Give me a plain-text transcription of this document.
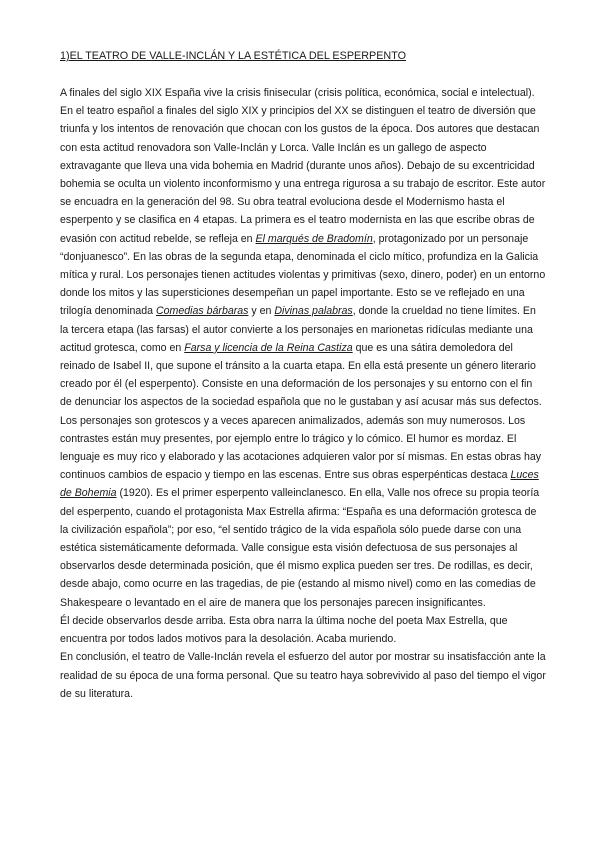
1)EL TEATRO DE VALLE-INCLÁN Y LA ESTÉTICA DEL ESPERPENTO

A finales del siglo XIX España vive la crisis finisecular (crisis política, económica, social e intelectual). En el teatro español a finales del siglo XIX y principios del XX se distinguen el teatro de diversión que triunfa y los intentos de renovación que chocan con los gustos de la época. Dos autores que destacan con esta actitud renovadora son Valle-Inclán y Lorca. Valle Inclán es un gallego de aspecto extravagante que lleva una vida bohemia en Madrid (durante unos años). Debajo de su excentricidad bohemia se oculta un violento inconformismo y una entrega rigurosa a su trabajo de escritor. Este autor se encuadra en la generación del 98. Su obra teatral evoluciona desde el Modernismo hasta el esperpento y se clasifica en 4 etapas. La primera es el teatro modernista en las que escribe obras de evasión con actitud rebelde, se refleja en El marqués de Bradomín, protagonizado por un personaje “donjuanesco”. En las obras de la segunda etapa, denominada el ciclo mítico, profundiza en la Galicia mítica y rural. Los personajes tienen actitudes violentas y primitivas (sexo, dinero, poder) en un entorno donde los mitos y las supersticiones desempeñan un papel importante. Esto se ve reflejado en una trilogía denominada Comedias bárbaras y en Divinas palabras, donde la crueldad no tiene límites. En la tercera etapa (las farsas) el autor convierte a los personajes en marionetas ridículas mediante una actitud grotesca, como en Farsa y licencia de la Reina Castiza que es una sátira demoledora del reinado de Isabel II, que supone el tránsito a la cuarta etapa. En ella está presente un género literario creado por él (el esperpento). Consiste en una deformación de los personajes y su entorno con el fin de denunciar los aspectos de la sociedad española que no le gustaban y así acusar más sus defectos. Los personajes son grotescos y a veces aparecen animalizados, además son muy numerosos. Los contrastes están muy presentes, por ejemplo entre lo trágico y lo cómico. El humor es mordaz. El lenguaje es muy rico y elaborado y las acotaciones adquieren valor por sí mismas. En estas obras hay continuos cambios de espacio y tiempo en las escenas. Entre sus obras esperpénticas destaca Luces de Bohemia (1920). Es el primer esperpento valleinclanesco. En ella, Valle nos ofrece su propia teoría del esperpento, cuando el protagonista Max Estrella afirma: “España es una deformación grotesca de la civilización española”; por eso, “el sentido trágico de la vida española sólo puede darse con una estética sistemáticamente deformada. Valle consigue esta visión defectuosa de sus personajes al observarlos desde determinada posición, que él mismo explica pueden ser tres. De rodillas, es decir, desde abajo, como ocurre en las tragedias, de pie (estando al mismo nivel) como en las comedias de Shakespeare o levantado en el aire de manera que los personajes parecen insignificantes.

Él decide observarlos desde arriba. Esta obra narra la última noche del poeta Max Estrella, que encuentra por todos lados motivos para la desolación. Acaba muriendo.

En conclusión, el teatro de Valle-Inclán revela el esfuerzo del autor por mostrar su insatisfacción ante la realidad de su época de una forma personal. Que su teatro haya sobrevivido al paso del tiempo el vigor de su literatura.
